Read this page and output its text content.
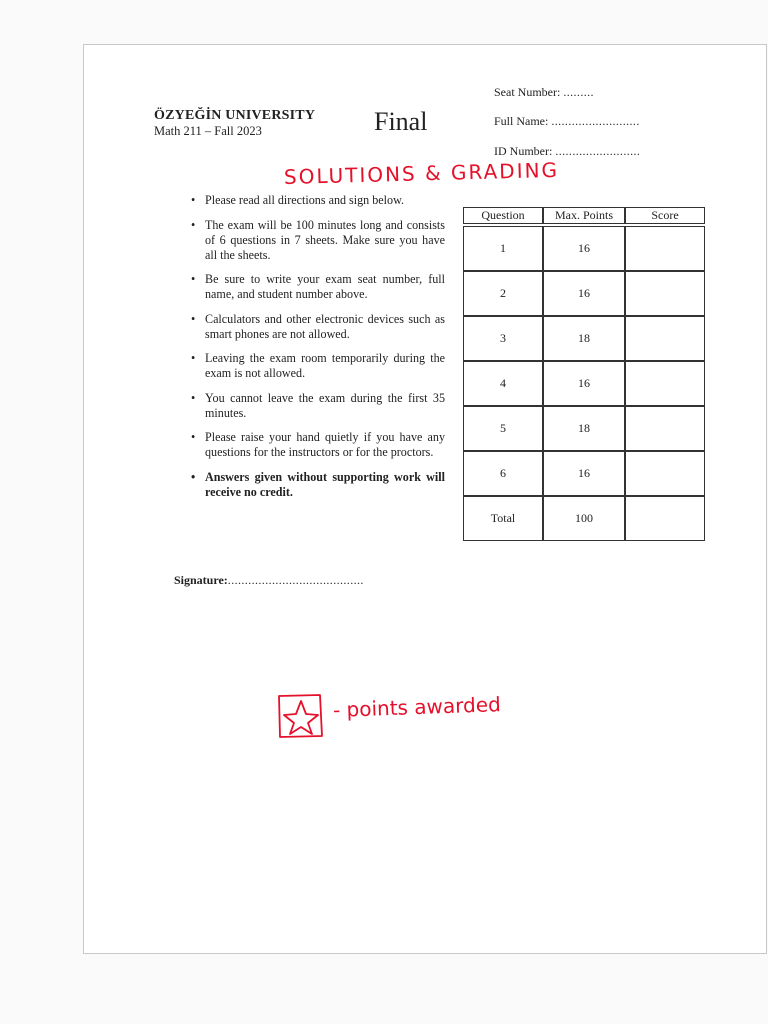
ÖZYEĞİN UNIVERSITY
Math 211 – Fall 2023	Final
Seat Number: .........
Full Name: ..........................
ID Number: .........................
SOLUTIONS & GRADING
• Please read all directions and sign below.
• The exam will be 100 minutes long and consists of 6 questions in 7 sheets. Make sure you have all the sheets.
• Be sure to write your exam seat number, full name, and student number above.
• Calculators and other electronic devices such as smart phones are not allowed.
• Leaving the exam room temporarily during the exam is not allowed.
• You cannot leave the exam during the first 35 minutes.
• Please raise your hand quietly if you have any questions for the instructors or for the proctors.
• Answers given without supporting work will receive no credit.
Question	Max. Points	Score

1	16	
2	16	
3	18	
4	16	
5	18	
6	16	
Total	100	
Signature:........................................
- points awarded
